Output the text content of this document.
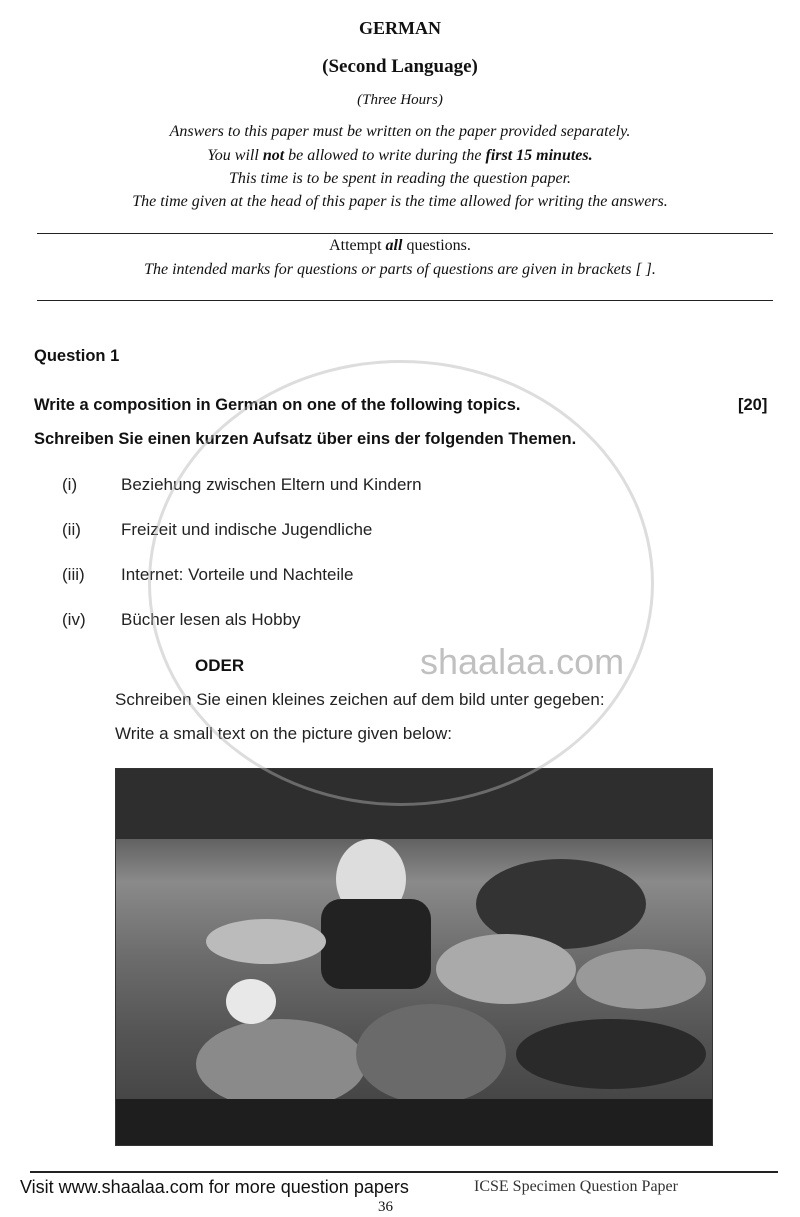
GERMAN
(Second Language)
(Three Hours)
Answers to this paper must be written on the paper provided separately.
You will not be allowed to write during the first 15 minutes.
This time is to be spent in reading the question paper.
The time given at the head of this paper is the time allowed for writing the answers.
Attempt all questions.
The intended marks for questions or parts of questions are given in brackets [ ].
Question 1
Write a composition in German on one of the following topics.	[20]
Schreiben Sie einen kurzen Aufsatz über eins der folgenden Themen.
(i)	Beziehung zwischen Eltern und Kindern
(ii) Freizeit und indische Jugendliche
(iii) Internet: Vorteile und Nachteile
(iv) Bücher lesen als Hobby
ODER
Schreiben Sie einen kleines zeichen auf dem bild unter gegeben:
Write a small text on the picture given below:
shaalaa.com
Visit www.shaalaa.com for more question papers
36
ICSE Specimen Question Paper
